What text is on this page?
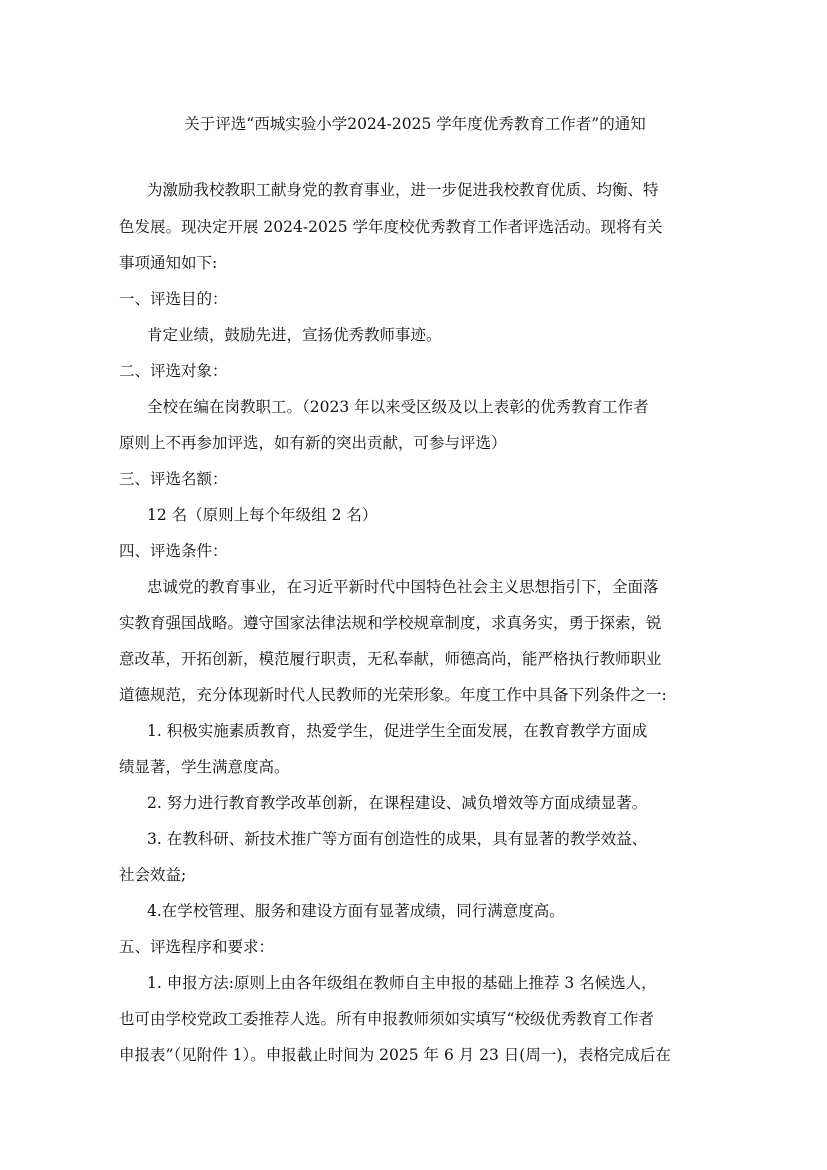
关于评选“西城实验小学2024-2025 学年度优秀教育工作者”的通知
为激励我校教职工献身党的教育事业，进一步促进我校教育优质、均衡、特
色发展。现决定开展 2024-2025 学年度校优秀教育工作者评选活动。现将有关
事项通知如下:
一、评选目的：
肯定业绩，鼓励先进，宣扬优秀教师事迹。
二、评选对象：
全校在编在岗教职工。（2023 年以来受区级及以上表彰的优秀教育工作者
原则上不再参加评选，如有新的突出贡献，可参与评选）
三、评选名额：
12 名（原则上每个年级组 2 名）
四、评选条件：
忠诚党的教育事业，在习近平新时代中国特色社会主义思想指引下，全面落
实教育强国战略。遵守国家法律法规和学校规章制度，求真务实，勇于探索，锐
意改革，开拓创新，模范履行职责，无私奉献，师德高尚，能严格执行教师职业
道德规范，充分体现新时代人民教师的光荣形象。年度工作中具备下列条件之一:
1. 积极实施素质教育，热爱学生，促进学生全面发展，在教育教学方面成
绩显著，学生满意度高。
2. 努力进行教育教学改革创新，在课程建设、减负增效等方面成绩显著。
3. 在教科研、新技术推广等方面有创造性的成果，具有显著的教学效益、
社会效益;
4.在学校管理、服务和建设方面有显著成绩，同行满意度高。
五、评选程序和要求：
1. 申报方法:原则上由各年级组在教师自主申报的基础上推荐 3 名候选人，
也可由学校党政工委推荐人选。所有申报教师须如实填写“校级优秀教育工作者
申报表”（见附件 1）。申报截止时间为 2025 年 6 月 23 日(周一)，表格完成后在
